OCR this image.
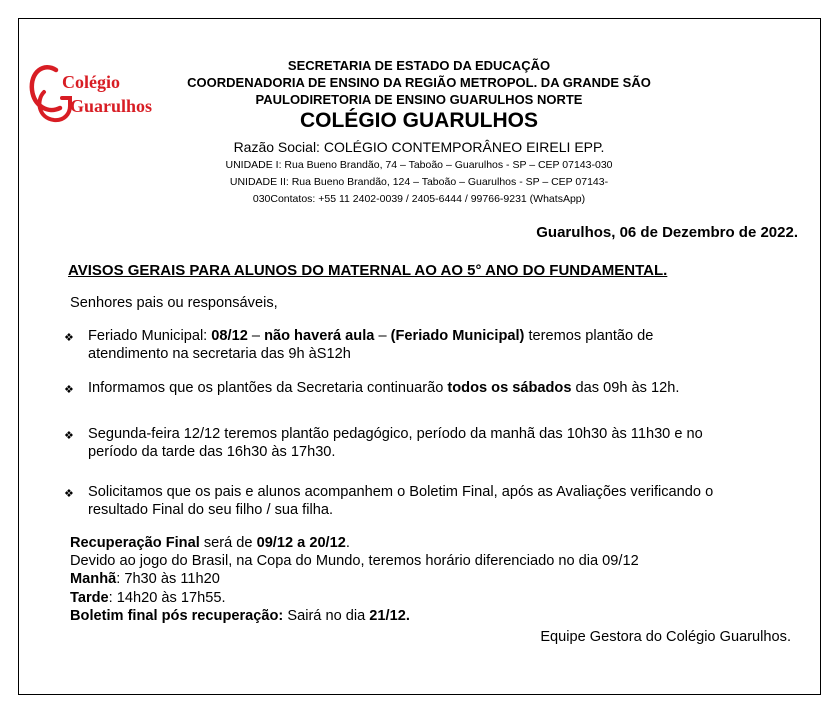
Colégio
Guarulhos
SECRETARIA DE ESTADO DA EDUCAÇÃO
COORDENADORIA DE ENSINO DA REGIÃO METROPOL. DA GRANDE SÃO
PAULODIRETORIA DE ENSINO GUARULHOS NORTE
COLÉGIO GUARULHOS
Razão Social: COLÉGIO CONTEMPORÂNEO EIRELI EPP.
UNIDADE I: Rua Bueno Brandão, 74 – Taboão – Guarulhos - SP – CEP 07143-030
UNIDADE II: Rua Bueno Brandão, 124 – Taboão – Guarulhos - SP – CEP 07143-
030Contatos: +55 11 2402-0039 / 2405-6444 / 99766-9231 (WhatsApp)
Guarulhos, 06 de Dezembro de 2022.
AVISOS GERAIS PARA ALUNOS DO MATERNAL AO AO 5° ANO DO FUNDAMENTAL.
Senhores pais ou responsáveis,
❖ Feriado Municipal: 08/12 – não haverá aula – (Feriado Municipal) teremos plantão de
atendimento na secretaria das 9h àS12h
❖ Informamos que os plantões da Secretaria continuarão todos os sábados das 09h às 12h.
❖ Segunda-feira 12/12 teremos plantão pedagógico, período da manhã das 10h30 às 11h30 e no
período da tarde das 16h30 às 17h30.
❖ Solicitamos que os pais e alunos acompanhem o Boletim Final, após as Avaliações verificando o
resultado Final do seu filho / sua filha.
Recuperação Final será de 09/12 a 20/12.
Devido ao jogo do Brasil, na Copa do Mundo, teremos horário diferenciado no dia 09/12
Manhã: 7h30 às 11h20
Tarde: 14h20 às 17h55.
Boletim final pós recuperação: Sairá no dia 21/12.
Equipe Gestora do Colégio Guarulhos.
